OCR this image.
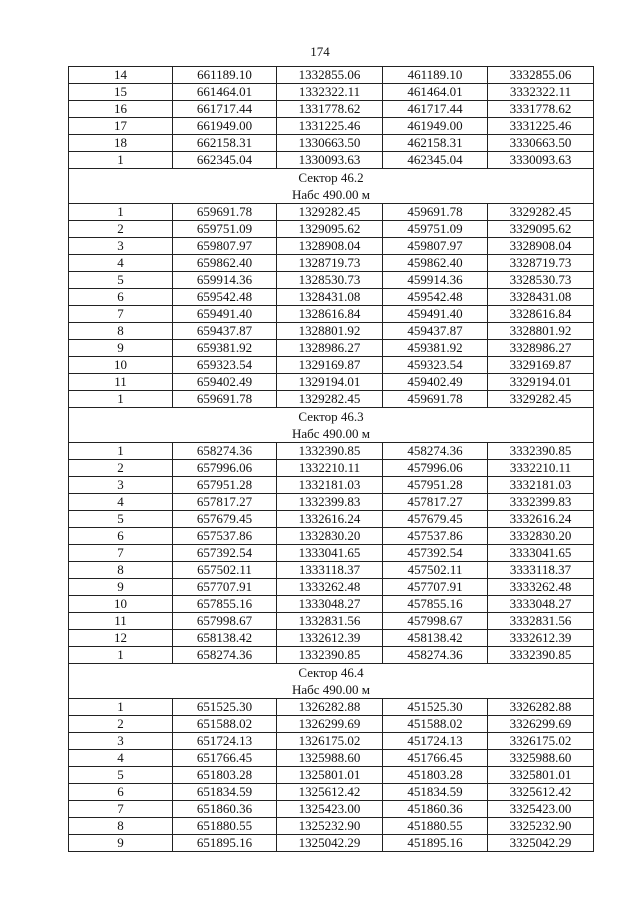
174
14	661189.10	1332855.06	461189.10	3332855.06
15	661464.01	1332322.11	461464.01	3332322.11
16	661717.44	1331778.62	461717.44	3331778.62
17	661949.00	1331225.46	461949.00	3331225.46
18	662158.31	1330663.50	462158.31	3330663.50
1	662345.04	1330093.63	462345.04	3330093.63

Сектор 46.2
Набс 490.00 м				

1	659691.78	1329282.45	459691.78	3329282.45
2	659751.09	1329095.62	459751.09	3329095.62
3	659807.97	1328908.04	459807.97	3328908.04
4	659862.40	1328719.73	459862.40	3328719.73
5	659914.36	1328530.73	459914.36	3328530.73
6	659542.48	1328431.08	459542.48	3328431.08
7	659491.40	1328616.84	459491.40	3328616.84
8	659437.87	1328801.92	459437.87	3328801.92
9	659381.92	1328986.27	459381.92	3328986.27
10	659323.54	1329169.87	459323.54	3329169.87
11	659402.49	1329194.01	459402.49	3329194.01
1	659691.78	1329282.45	459691.78	3329282.45

Сектор 46.3
Набс 490.00 м				

1	658274.36	1332390.85	458274.36	3332390.85
2	657996.06	1332210.11	457996.06	3332210.11
3	657951.28	1332181.03	457951.28	3332181.03
4	657817.27	1332399.83	457817.27	3332399.83
5	657679.45	1332616.24	457679.45	3332616.24
6	657537.86	1332830.20	457537.86	3332830.20
7	657392.54	1333041.65	457392.54	3333041.65
8	657502.11	1333118.37	457502.11	3333118.37
9	657707.91	1333262.48	457707.91	3333262.48
10	657855.16	1333048.27	457855.16	3333048.27
11	657998.67	1332831.56	457998.67	3332831.56
12	658138.42	1332612.39	458138.42	3332612.39
1	658274.36	1332390.85	458274.36	3332390.85

Сектор 46.4
Набс 490.00 м				

1	651525.30	1326282.88	451525.30	3326282.88
2	651588.02	1326299.69	451588.02	3326299.69
3	651724.13	1326175.02	451724.13	3326175.02
4	651766.45	1325988.60	451766.45	3325988.60
5	651803.28	1325801.01	451803.28	3325801.01
6	651834.59	1325612.42	451834.59	3325612.42
7	651860.36	1325423.00	451860.36	3325423.00
8	651880.55	1325232.90	451880.55	3325232.90
9	651895.16	1325042.29	451895.16	3325042.29
